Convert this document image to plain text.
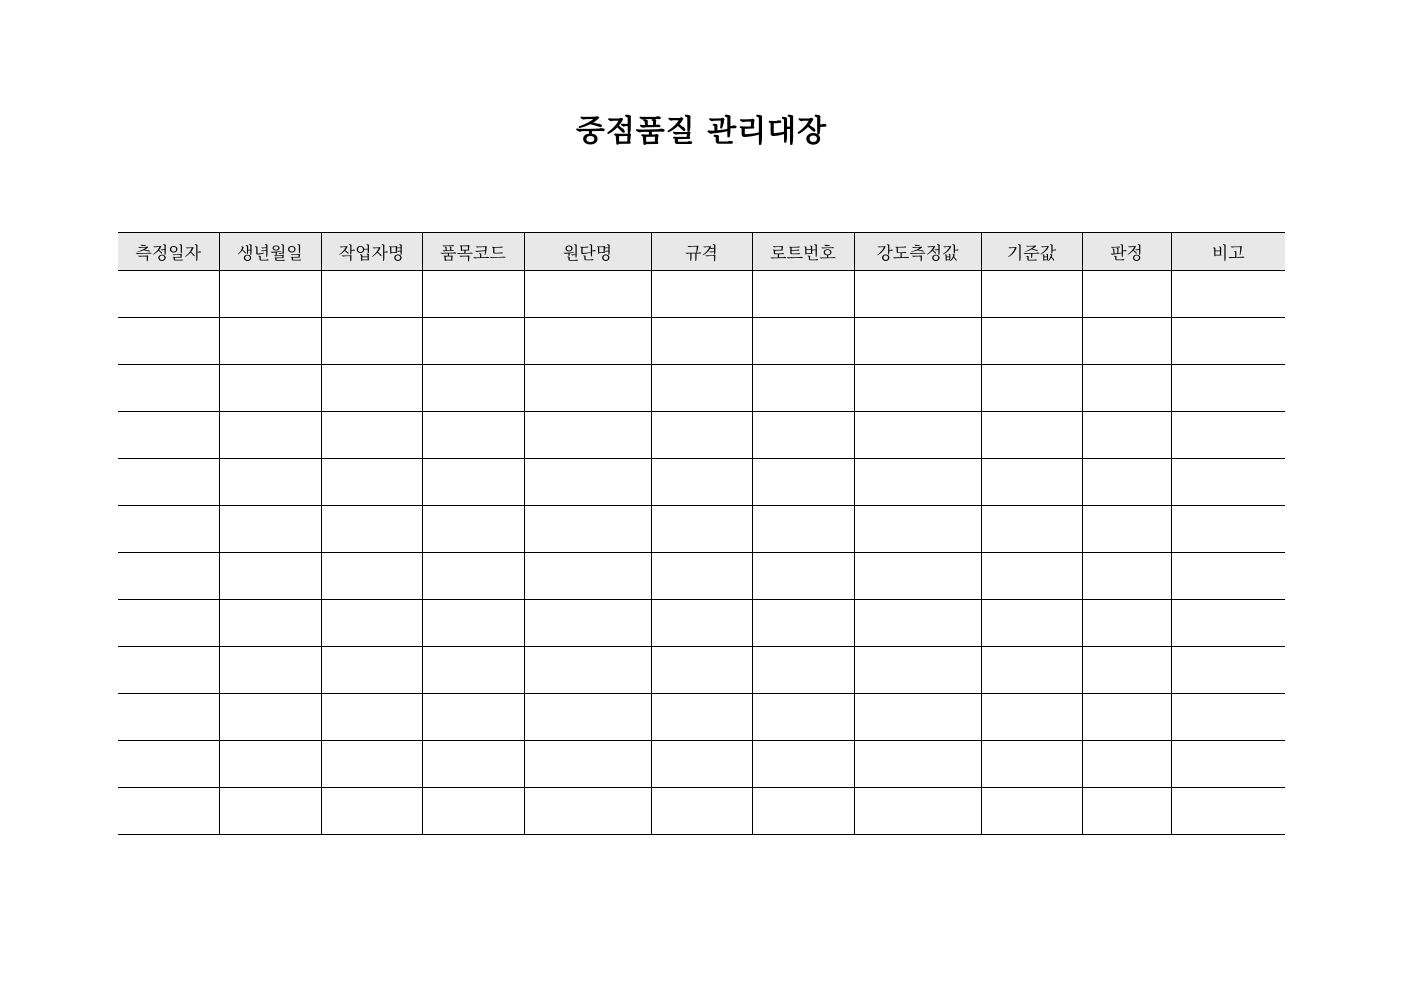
중점품질 관리대장
측정일자	생년월일	작업자명	품목코드	원단명	규격	로트번호	강도측정값	기준값	판정	비고
